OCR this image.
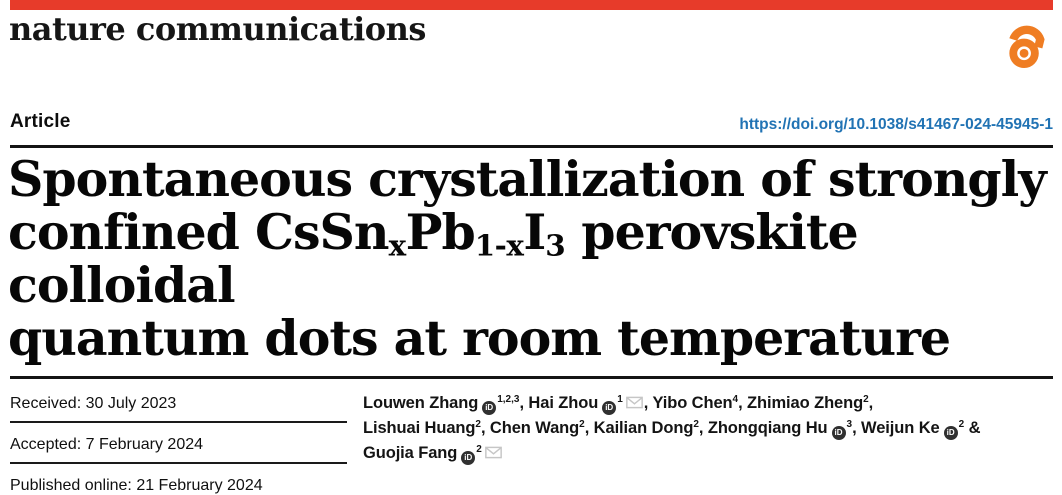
nature communications
Article	https://doi.org/10.1038/s41467-024-45945-1
Spontaneous crystallization of strongly
confined $CsSn_xPb_{1-x}I_3$ perovskite colloidal
quantum dots at room temperature
Received: 30 July 2023
Accepted: 7 February 2024
Published online: 21 February 2024
Louwen Zhang iD$^{1,2,3}$, Hai Zhou iD$^1$ , Yibo Chen$^4$, Zhimiao Zheng$^2$,
Lishuai Huang$^2$, Chen Wang$^2$, Kailian Dong$^2$, Zhongqiang Hu iD$^3$, Weijun Ke iD$^2$ &
Guojia Fang iD$^2$
